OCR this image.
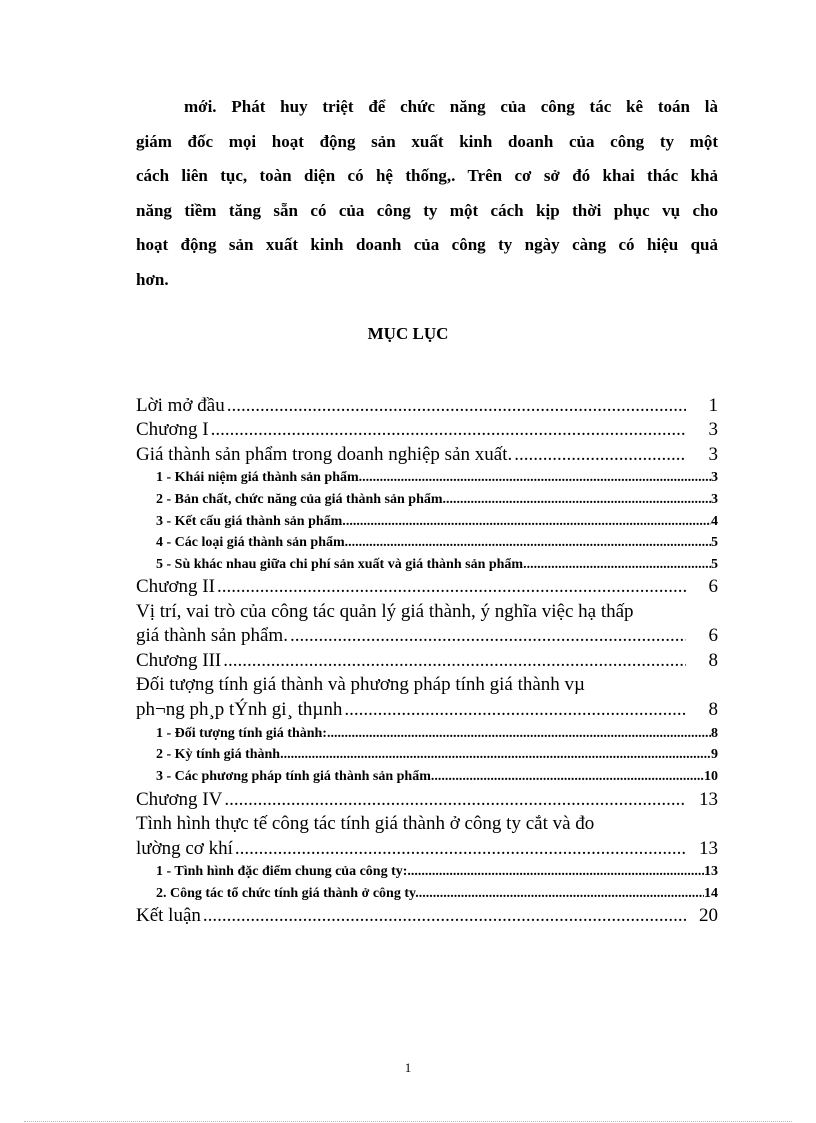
mới. Phát huy triệt để chức năng của công tác kê toán là
giám đốc mọi hoạt động sản xuất kinh doanh của công ty một
cách liên tục, toàn diện có hệ thống,. Trên cơ sở đó khai thác khả
năng tiềm tăng sẵn có của công ty một cách kịp thời phục vụ cho
hoạt động sản xuất kinh doanh của công ty ngày càng có hiệu quả
hơn.
MỤC LỤC
Lời mở đầu .....	1
Chương I .....	3
Giá thành sản phẩm trong doanh nghiệp sản xuất. .....	3
1 - Khái niệm giá thành sản phẩm .....	3
2 - Bản chất, chức năng của giá thành sản phẩm. .....	3
3 - Kết cấu giá thành sản phẩm. .....	4
4 - Các loại giá thành sản phẩm. .....	5
5 - Sù khác nhau giữa chi phí sản xuất và giá thành sản phẩm. .....	5
Chương II .....	6
Vị trí, vai trò của công tác quản lý giá thành, ý nghĩa việc hạ thấp
giá thành sản phẩm. .....	6
Chương III .....	8
Đối tượng tính giá thành và phương pháp tính giá thành vµ
ph¬ng ph¸p tÝnh gi¸ thµnh .....	8
1 - Đối tượng tính giá thành: .....	8
2 - Kỳ tính giá thành .....	9
3 - Các phương pháp tính giá thành sản phẩm. .....	10
Chương IV .....	13
Tình hình thực tế công tác tính giá thành ở công ty cắt và đo
lường cơ khí .....	13
1 - Tình hình đặc điểm chung của công ty: .....	13
2. Công tác tổ chức tính giá thành ở công ty. .....	14
Kết luận .....	20
1
